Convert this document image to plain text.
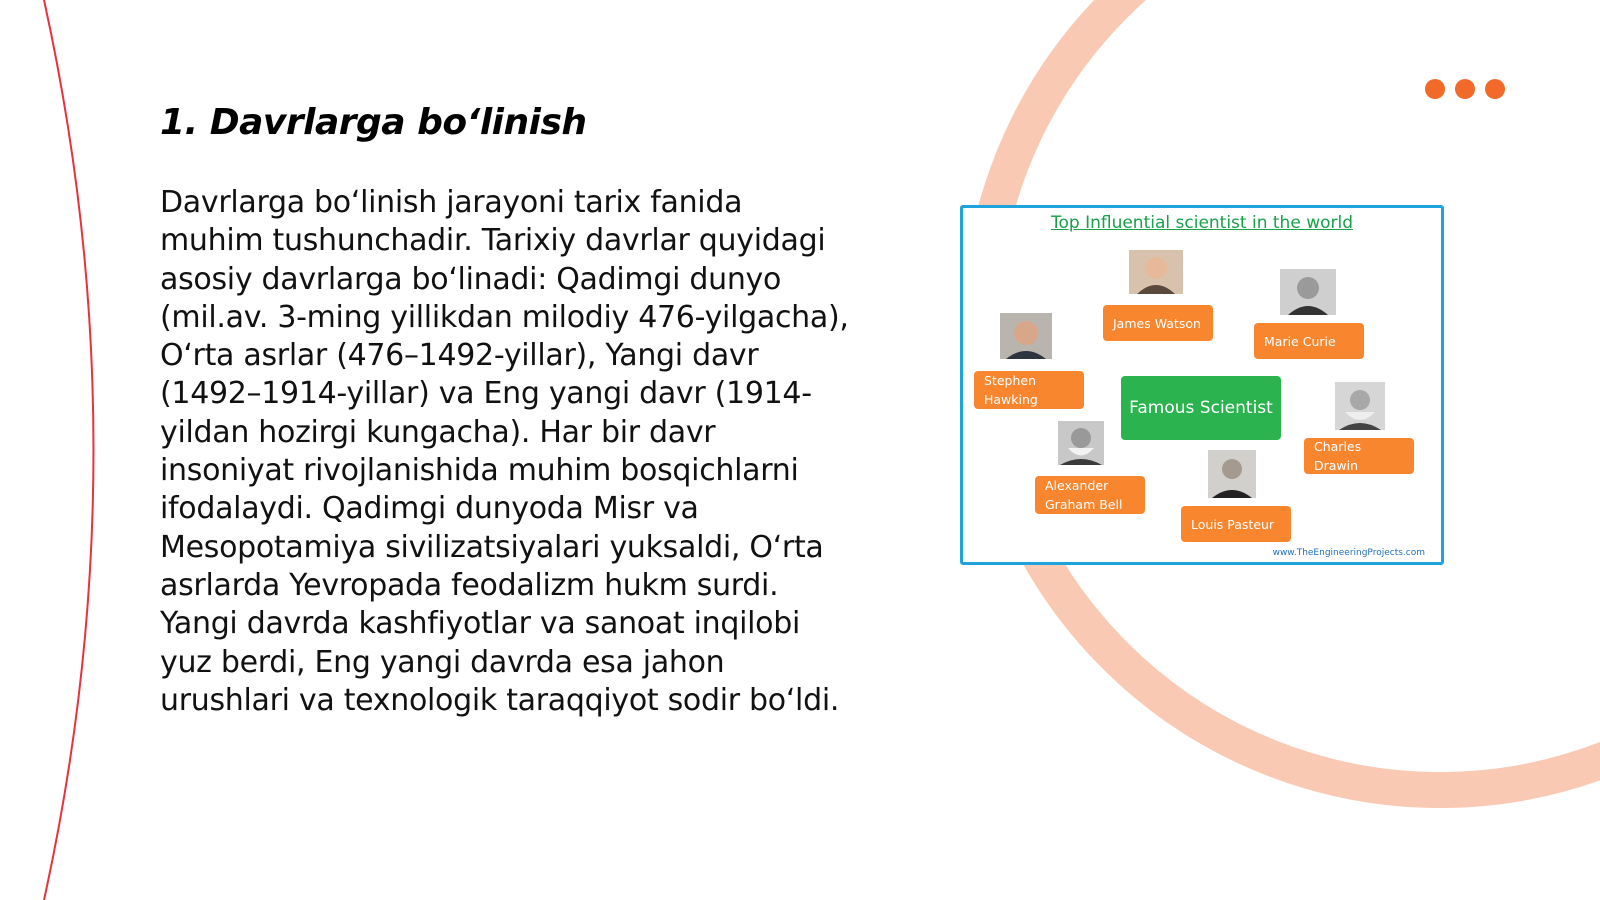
1. Davrlarga bo‘linish

Davrlarga bo‘linish jarayoni tarix fanida muhim tushunchadir. Tarixiy davrlar quyidagi asosiy davrlarga bo‘linadi: Qadimgi dunyo (mil.av. 3-ming yillikdan milodiy 476-yilgacha), O‘rta asrlar (476–1492-yillar), Yangi davr (1492–1914-yillar) va Eng yangi davr (1914-yildan hozirgi kungacha). Har bir davr insoniyat rivojlanishida muhim bosqichlarni ifodalaydi. Qadimgi dunyoda Misr va Mesopotamiya sivilizatsiyalari yuksaldi, O‘rta asrlarda Yevropada feodalizm hukm surdi. Yangi davrda kashfiyotlar va sanoat inqilobi yuz berdi, Eng yangi davrda esa jahon urushlari va texnologik taraqqiyot sodir bo‘ldi.

Top Influential scientist in the world
Famous Scientist
James Watson
Marie Curie
Stephen Hawking
Charles Drawin
Alexander Graham Bell
Louis Pasteur
www.TheEngineeringProjects.com
